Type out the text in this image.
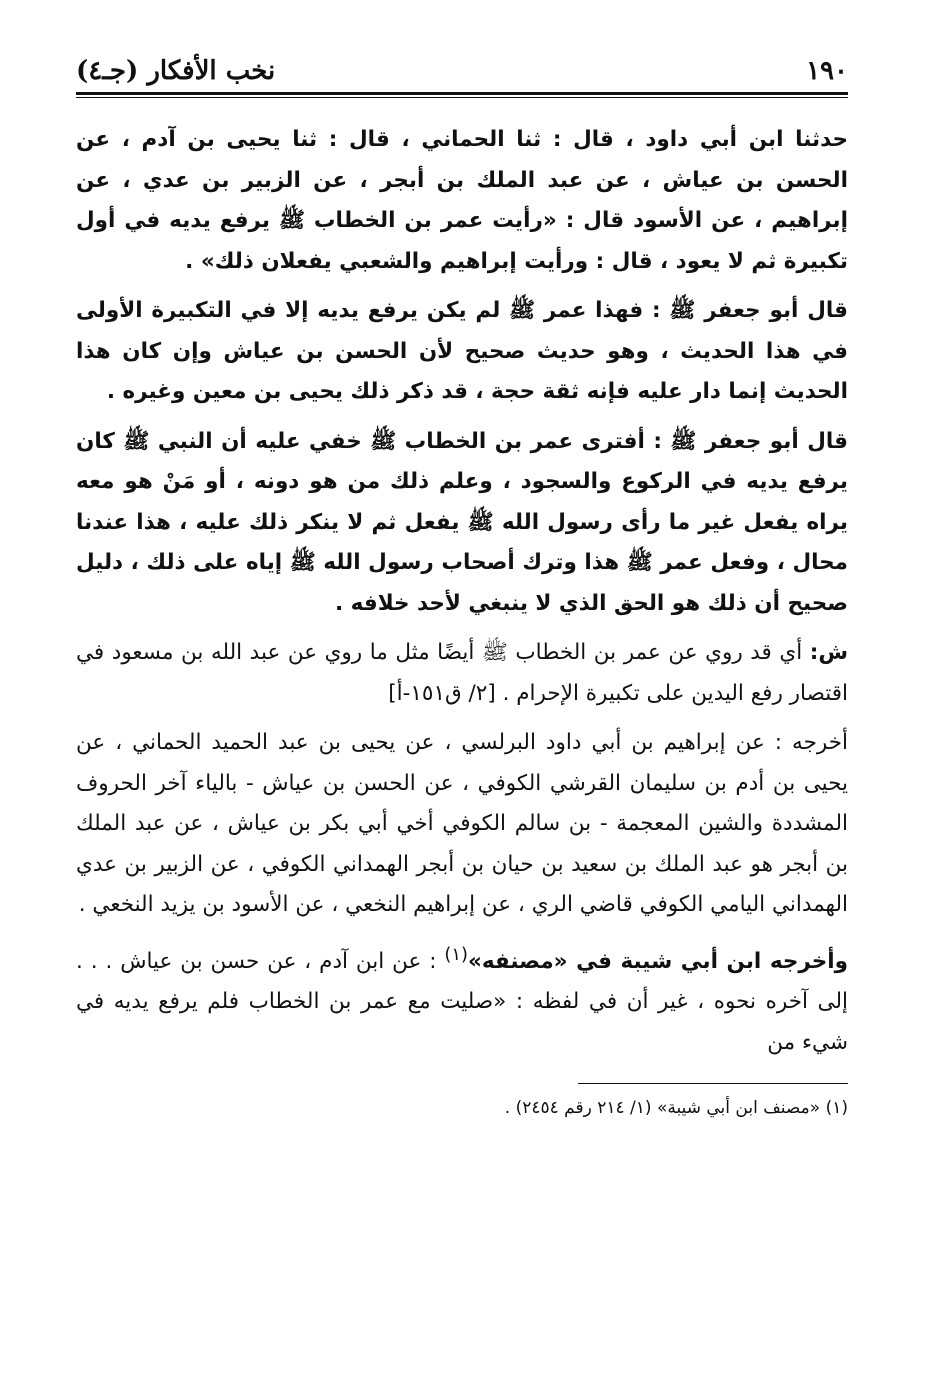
١٩٠
نخب الأفكار (جـ٤)

حدثنا ابن أبي داود ، قال : ثنا الحماني ، قال : ثنا يحيى بن آدم ، عن الحسن بن عياش ، عن عبد الملك بن أبجر ، عن الزبير بن عدي ، عن إبراهيم ، عن الأسود قال : «رأيت عمر بن الخطاب ﷺ يرفع يديه في أول تكبيرة ثم لا يعود ، قال : ورأيت إبراهيم والشعبي يفعلان ذلك» .

قال أبو جعفر ﷺ : فهذا عمر ﷺ لم يكن يرفع يديه إلا في التكبيرة الأولى في هذا الحديث ، وهو حديث صحيح لأن الحسن بن عياش وإن كان هذا الحديث إنما دار عليه فإنه ثقة حجة ، قد ذكر ذلك يحيى بن معين وغيره .

قال أبو جعفر ﷺ : أفترى عمر بن الخطاب ﷺ خفي عليه أن النبي ﷺ كان يرفع يديه في الركوع والسجود ، وعلم ذلك من هو دونه ، أو مَنْ هو معه يراه يفعل غير ما رأى رسول الله ﷺ يفعل ثم لا ينكر ذلك عليه ، هذا عندنا محال ، وفعل عمر ﷺ هذا وترك أصحاب رسول الله ﷺ إياه على ذلك ، دليل صحيح أن ذلك هو الحق الذي لا ينبغي لأحد خلافه .

ش: أي قد روي عن عمر بن الخطاب ﷺ أيضًا مثل ما روي عن عبد الله بن مسعود في اقتصار رفع اليدين على تكبيرة الإحرام . [٢/ ق١٥١-أ]

أخرجه : عن إبراهيم بن أبي داود البرلسي ، عن يحيى بن عبد الحميد الحماني ، عن يحيى بن أدم بن سليمان القرشي الكوفي ، عن الحسن بن عياش - بالياء آخر الحروف المشددة والشين المعجمة - بن سالم الكوفي أخي أبي بكر بن عياش ، عن عبد الملك بن أبجر هو عبد الملك بن سعيد بن حيان بن أبجر الهمداني الكوفي ، عن الزبير بن عدي الهمداني اليامي الكوفي قاضي الري ، عن إبراهيم النخعي ، عن الأسود بن يزيد النخعي .

وأخرجه ابن أبي شيبة في «مصنفه»$^{(١)}$ : عن ابن آدم ، عن حسن بن عياش . . . إلى آخره نحوه ، غير أن في لفظه : «صليت مع عمر بن الخطاب فلم يرفع يديه في شيء من

(١) «مصنف ابن أبي شيبة» (١/ ٢١٤ رقم ٢٤٥٤) .
